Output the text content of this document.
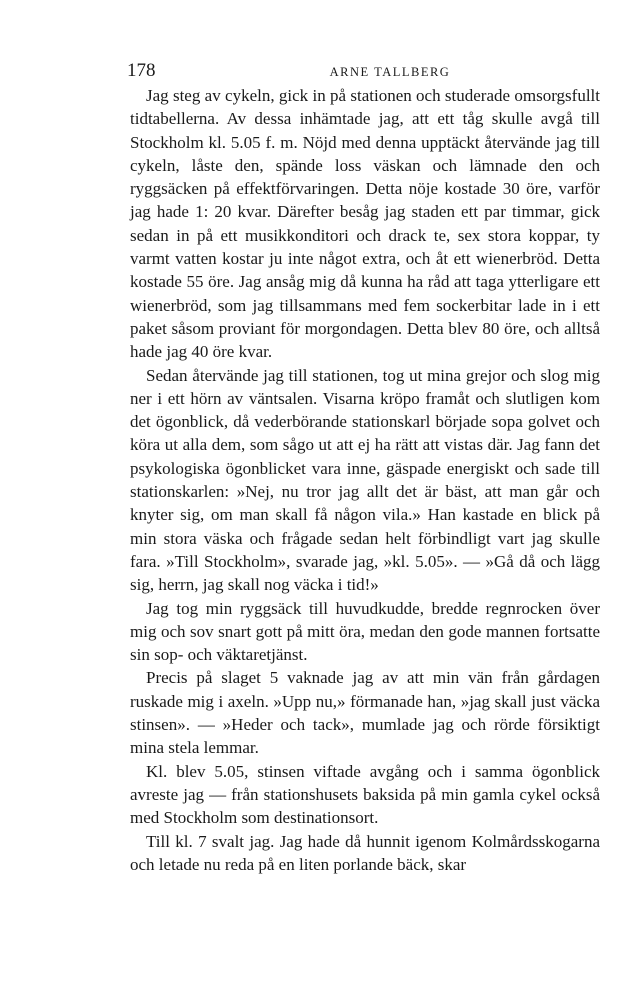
178	ARNE TALLBERG

Jag steg av cykeln, gick in på stationen och studerade omsorgsfullt tidtabellerna. Av dessa inhämtade jag, att ett tåg skulle avgå till Stockholm kl. 5.05 f. m. Nöjd med denna upptäckt återvände jag till cykeln, låste den, spände loss väskan och lämnade den och ryggsäcken på effektförvaringen. Detta nöje kostade 30 öre, varför jag hade 1: 20 kvar. Därefter besåg jag staden ett par timmar, gick sedan in på ett musikkonditori och drack te, sex stora koppar, ty varmt vatten kostar ju inte något extra, och åt ett wienerbröd. Detta kostade 55 öre. Jag ansåg mig då kunna ha råd att taga ytterligare ett wienerbröd, som jag tillsammans med fem sockerbitar lade in i ett paket såsom proviant för morgondagen. Detta blev 80 öre, och alltså hade jag 40 öre kvar.

Sedan återvände jag till stationen, tog ut mina grejor och slog mig ner i ett hörn av väntsalen. Visarna kröpo framåt och slutligen kom det ögonblick, då vederbörande stationskarl började sopa golvet och köra ut alla dem, som sågo ut att ej ha rätt att vistas där. Jag fann det psykologiska ögonblicket vara inne, gäspade energiskt och sade till stationskarlen: »Nej, nu tror jag allt det är bäst, att man går och knyter sig, om man skall få någon vila.» Han kastade en blick på min stora väska och frågade sedan helt förbindligt vart jag skulle fara. »Till Stockholm», svarade jag, »kl. 5.05». — »Gå då och lägg sig, herrn, jag skall nog väcka i tid!»

Jag tog min ryggsäck till huvudkudde, bredde regnrocken över mig och sov snart gott på mitt öra, medan den gode mannen fortsatte sin sop- och väktaretjänst.

Precis på slaget 5 vaknade jag av att min vän från gårdagen ruskade mig i axeln. »Upp nu,» förmanade han, »jag skall just väcka stinsen». — »Heder och tack», mumlade jag och rörde försiktigt mina stela lemmar.

Kl. blev 5.05, stinsen viftade avgång och i samma ögonblick avreste jag — från stationshusets baksida på min gamla cykel också med Stockholm som destinationsort.

Till kl. 7 svalt jag. Jag hade då hunnit igenom Kolmårdsskogarna och letade nu reda på en liten porlande bäck, skar
